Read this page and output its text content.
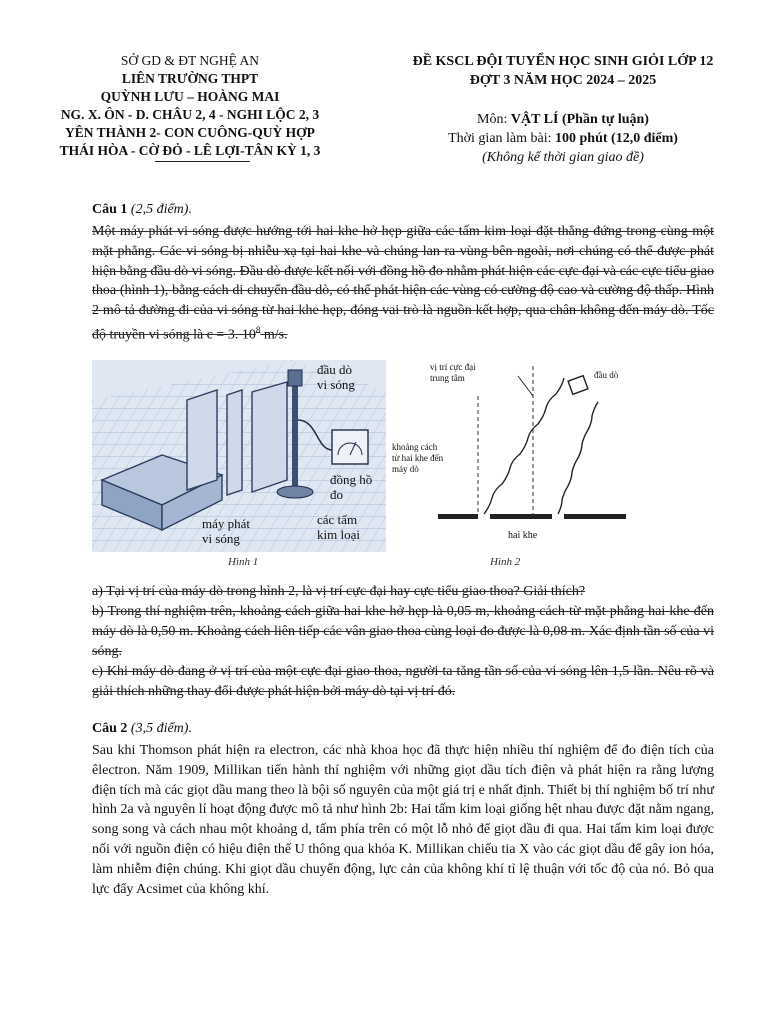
SỞ GD & ĐT NGHỆ AN
LIÊN TRƯỜNG THPT
QUỲNH LƯU – HOÀNG MAI
NG. X. ÔN - D. CHÂU 2, 4 - NGHI LỘC 2, 3
YÊN THÀNH 2- CON CUÔNG-QUỲ HỢP
THÁI HÒA - CỜ ĐỎ - LÊ LỢI-TÂN KỲ 1, 3
ĐỀ KSCL ĐỘI TUYỂN HỌC SINH GIỎI LỚP 12
ĐỢT 3 NĂM HỌC 2024 – 2025
Môn: VẬT LÍ (Phần tự luận)
Thời gian làm bài: 100 phút (12,0 điểm)
(Không kể thời gian giao đề)
Câu 1 (2,5 điểm).
Một máy phát vi sóng được hướng tới hai khe hở hẹp giữa các tấm kim loại đặt thẳng đứng trong cùng một mặt phẳng. Các vi sóng bị nhiễu xạ tại hai khe và chúng lan ra vùng bên ngoài, nơi chúng có thể được phát hiện bằng đầu dò vi sóng. Đầu dò được kết nối với đồng hồ đo nhằm phát hiện các cực đại và các cực tiểu giao thoa (hình 1), bằng cách di chuyển đầu dò, có thể phát hiện các vùng có cường độ cao và cường độ thấp. Hình 2 mô tả đường đi của vi sóng từ hai khe hẹp, đóng vai trò là nguồn kết hợp, qua chân không đến máy dò. Tốc độ truyền vi sóng là c = 3. $10^8$ m/s.
đầu dò
vi sóng
đồng hồ
đo
các tấm
kim loại
máy phát
vi sóng
Hình 1
vị trí cực đại
trung tâm	đầu dò
khoảng cách
từ hai khe đến
máy dò
hai khe
Hình 2
a) Tại vị trí của máy dò trong hình 2, là vị trí cực đại hay cực tiểu giao thoa? Giải thích?
b) Trong thí nghiệm trên, khoảng cách giữa hai khe hở hẹp là 0,05 m, khoảng cách từ mặt phẳng hai khe đến máy dò là 0,50 m. Khoảng cách liên tiếp các vân giao thoa cùng loại đo được là 0,08 m. Xác định tần số của vi sóng.
c) Khi máy dò đang ở vị trí của một cực đại giao thoa, người ta tăng tần số của vi sóng lên 1,5 lần. Nêu rõ và giải thích những thay đổi được phát hiện bởi máy dò tại vị trí đó.
Câu 2 (3,5 điểm).
Sau khi Thomson phát hiện ra electron, các nhà khoa học đã thực hiện nhiều thí nghiệm để đo điện tích của êlectron. Năm 1909, Millikan tiến hành thí nghiệm với những giọt dầu tích điện và phát hiện ra rằng lượng điện tích mà các giọt dầu mang theo là bội số nguyên của một giá trị e nhất định. Thiết bị thí nghiệm bố trí như hình 2a và nguyên lí hoạt động được mô tả như hình 2b: Hai tấm kim loại giống hệt nhau được đặt nằm ngang, song song và cách nhau một khoảng d, tấm phía trên có một lỗ nhỏ để giọt dầu đi qua. Hai tấm kim loại được nối với nguồn điện có hiệu điện thế U thông qua khóa K. Millikan chiếu tia X vào các giọt dầu để gây ion hóa, làm nhiễm điện chúng. Khi giọt dầu chuyển động, lực cản của không khí tỉ lệ thuận với tốc độ của nó. Bỏ qua lực đẩy Acsimet của không khí.
